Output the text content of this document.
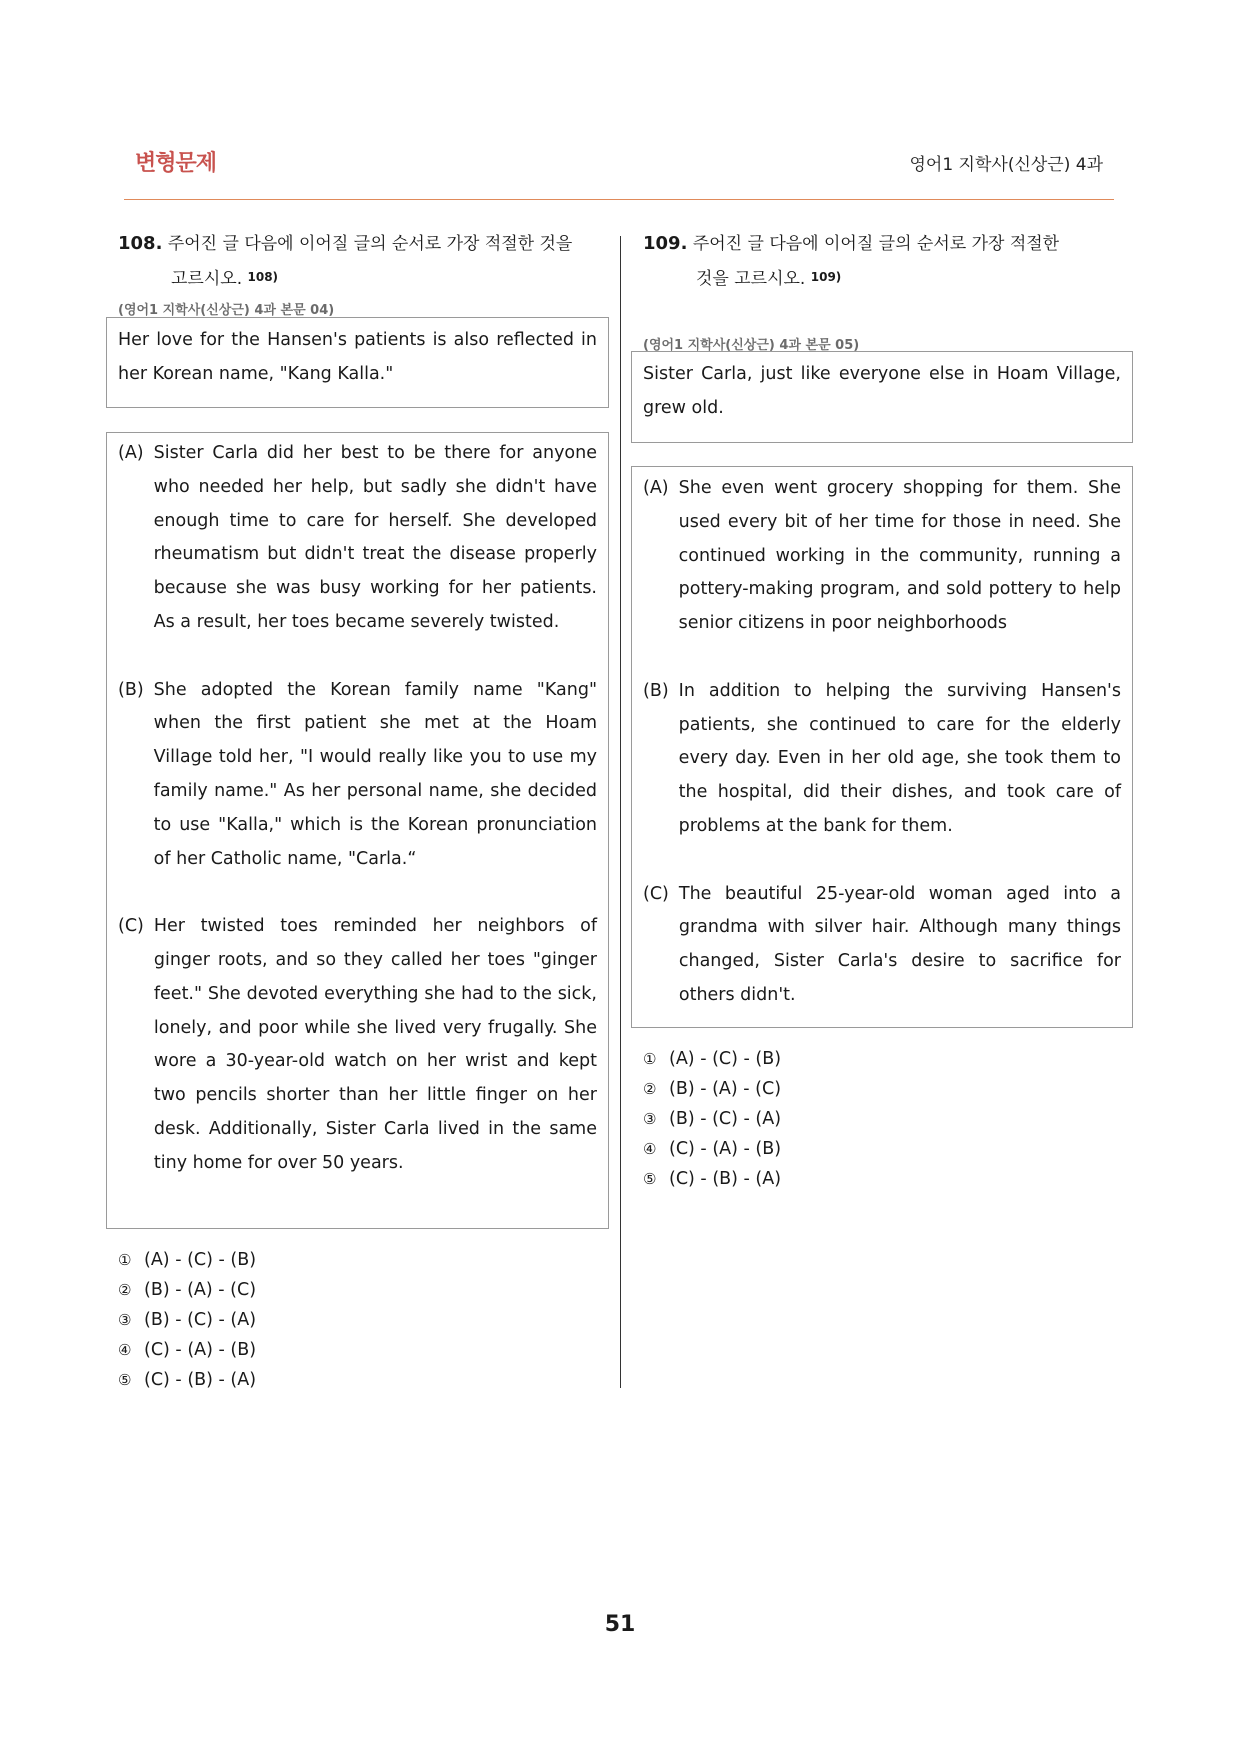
변형문제	영어1 지학사(신상근) 4과
108. 주어진 글 다음에 이어질 글의 순서로 가장 적절한 것을
고르시오. 108)
(영어1 지학사(신상근) 4과 본문 04)
Her love for the Hansen's patients is also reflected in her Korean name, "Kang Kalla."
(A) Sister Carla did her best to be there for anyone who needed her help, but sadly she didn't have enough time to care for herself. She developed rheumatism but didn't treat the disease properly because she was busy working for her patients. As a result, her toes became severely twisted.
(B) She adopted the Korean family name "Kang" when the first patient she met at the Hoam Village told her, "I would really like you to use my family name." As her personal name, she decided to use "Kalla," which is the Korean pronunciation of her Catholic name, "Carla.“
(C) Her twisted toes reminded her neighbors of ginger roots, and so they called her toes "ginger feet." She devoted everything she had to the sick, lonely, and poor while she lived very frugally. She wore a 30-year-old watch on her wrist and kept two pencils shorter than her little finger on her desk. Additionally, Sister Carla lived in the same tiny home for over 50 years.
① (A) - (C) - (B)
② (B) - (A) - (C)
③ (B) - (C) - (A)
④ (C) - (A) - (B)
⑤ (C) - (B) - (A)
109. 주어진 글 다음에 이어질 글의 순서로 가장 적절한
것을 고르시오. 109)
(영어1 지학사(신상근) 4과 본문 05)
Sister Carla, just like everyone else in Hoam Village, grew old.
(A) She even went grocery shopping for them. She used every bit of her time for those in need. She continued working in the community, running a pottery-making program, and sold pottery to help senior citizens in poor neighborhoods
(B) In addition to helping the surviving Hansen's patients, she continued to care for the elderly every day. Even in her old age, she took them to the hospital, did their dishes, and took care of problems at the bank for them.
(C) The beautiful 25-year-old woman aged into a grandma with silver hair. Although many things changed, Sister Carla's desire to sacrifice for others didn't.
① (A) - (C) - (B)
② (B) - (A) - (C)
③ (B) - (C) - (A)
④ (C) - (A) - (B)
⑤ (C) - (B) - (A)
51
